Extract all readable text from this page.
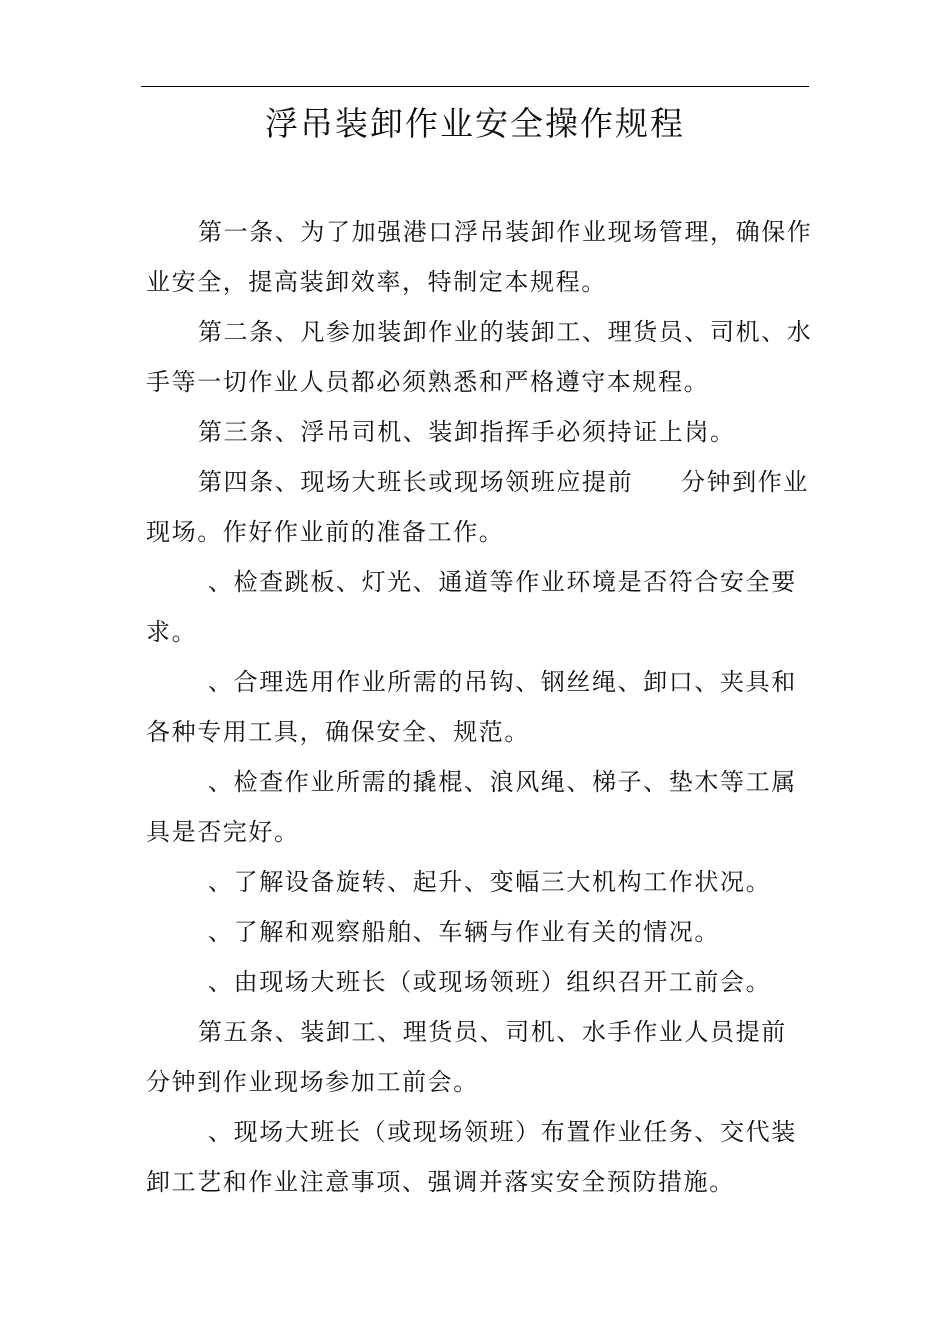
浮吊装卸作业安全操作规程

第一条、为了加强港口浮吊装卸作业现场管理，确保作

业安全，提高装卸效率，特制定本规程。

第二条、凡参加装卸作业的装卸工、理货员、司机、水

手等一切作业人员都必须熟悉和严格遵守本规程。

第三条、浮吊司机、装卸指挥手必须持证上岗。

第四条、现场大班长或现场领班应提前 分钟到作业

现场。作好作业前的准备工作。

、检查跳板、灯光、通道等作业环境是否符合安全要

求。

、合理选用作业所需的吊钩、钢丝绳、卸口、夹具和

各种专用工具，确保安全、规范。

、检查作业所需的撬棍、浪风绳、梯子、垫木等工属

具是否完好。

、了解设备旋转、起升、变幅三大机构工作状况。

、了解和观察船舶、车辆与作业有关的情况。

、由现场大班长（或现场领班）组织召开工前会。

第五条、装卸工、理货员、司机、水手作业人员提前

分钟到作业现场参加工前会。

、现场大班长（或现场领班）布置作业任务、交代装

卸工艺和作业注意事项、强调并落实安全预防措施。
